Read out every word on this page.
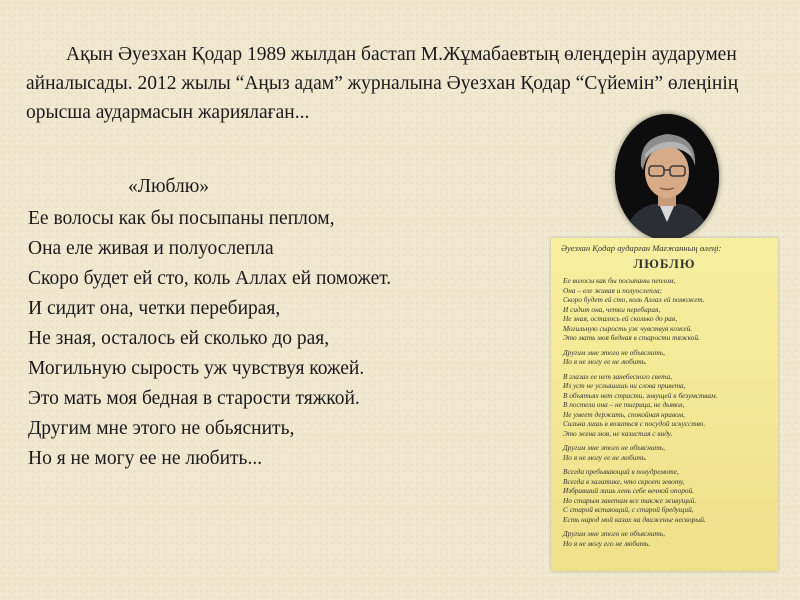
Ақын Әуезхан Қодар 1989 жылдан бастап М.Жұмабаевтың өлеңдерін аударумен айналысады. 2012 жылы “Аңыз адам” журналына Әуезхан Қодар “Сүйемін” өлеңінің орысша аудармасын жариялаған...
«Люблю»
Ее волосы как бы посыпаны пеплом,
Она еле живая и полуослепла
Скоро будет ей сто, коль Аллах ей поможет.
И сидит она, четки перебирая,
Не зная, осталось ей сколько до рая,
Могильную сырость уж чувствуя кожей.
Это мать моя бедная в старости тяжкой.
Другим мне этого не обьяснить,
Но я не могу ее не любить...
Әуезхан Қодар аударған Мағжанның өлеңі:
ЛЮБЛЮ
Ее волосы как бы посыпаны пеплом,
Она – еле живая и полуослепла;
Скоро будет ей сто, коль Аллах ей поможет.
И сидит она, четки перебирая,
Не зная, осталось ей сколько до рая,
Могильную сырость уж чувствуя кожей.
Это мать моя бедная в старости тяжкой.
Другим мне этого не объяснить,
Но я не могу ее не любить.
В глазах ее нет занебесного света,
Из уст не услышишь ни слова привета,
В объятьях нет страсти, зовущей к безумствам.
В постели она – не тигрица, не дьявол,
Не умеет держать, спокойная нравом,
Сильна лишь в возиться с посудой искусство.
Это жена моя, не казистая с виду.
Другим мне этого не объяснить,
Но я не могу ее не любить.
Всегда пребывающий в полудремоте,
Всегда в халатике, что скроет зевоту,
Избравший лишь лень себе вечной опорой.
Но старым заветам все также живущий.
С старой встающий, с старой бредущий,
Есть народ мой казах на движенье нескорый.
Другим мне этого не объяснить,
Но я не могу его не любить.
